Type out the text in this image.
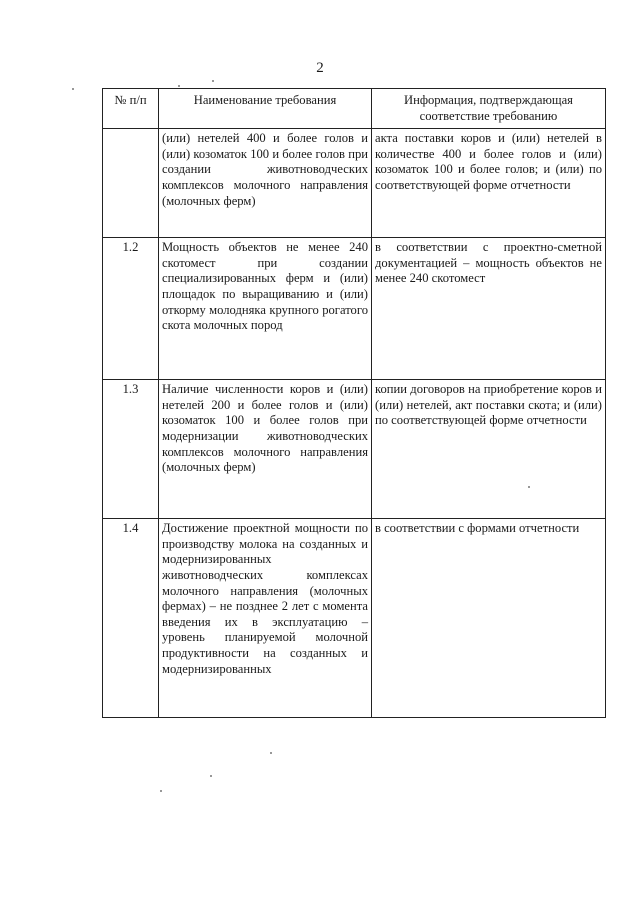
2
№ п/п	Наименование требования	Информация, подтверждающая соответствие требованию
	(или) нетелей 400 и более голов и (или) козоматок 100 и более голов при создании животноводческих комплексов молочного направления (молочных ферм)	акта поставки коров и (или) нетелей в количестве 400 и более голов и (или) козоматок 100 и более голов; и (или) по соответствующей форме отчетности
1.2	Мощность объектов не менее 240 скотомест при создании специализированных ферм и (или) площадок по выращиванию и (или) откорму молодняка крупного рогатого скота молочных пород	в соответствии с проектно-сметной документацией – мощность объектов не менее 240 скотомест
1.3	Наличие численности коров и (или) нетелей 200 и более голов и (или) козоматок 100 и более голов при модернизации животноводческих комплексов молочного направления (молочных ферм)	копии договоров на приобретение коров и (или) нетелей, акт поставки скота; и (или) по соответствующей форме отчетности
1.4	Достижение проектной мощности по производству молока на созданных и модернизированных животноводческих комплексах молочного направления (молочных фермах) – не позднее 2 лет с момента введения их в эксплуатацию – уровень планируемой молочной продуктивности на созданных и модернизированных	в соответствии с формами отчетности
